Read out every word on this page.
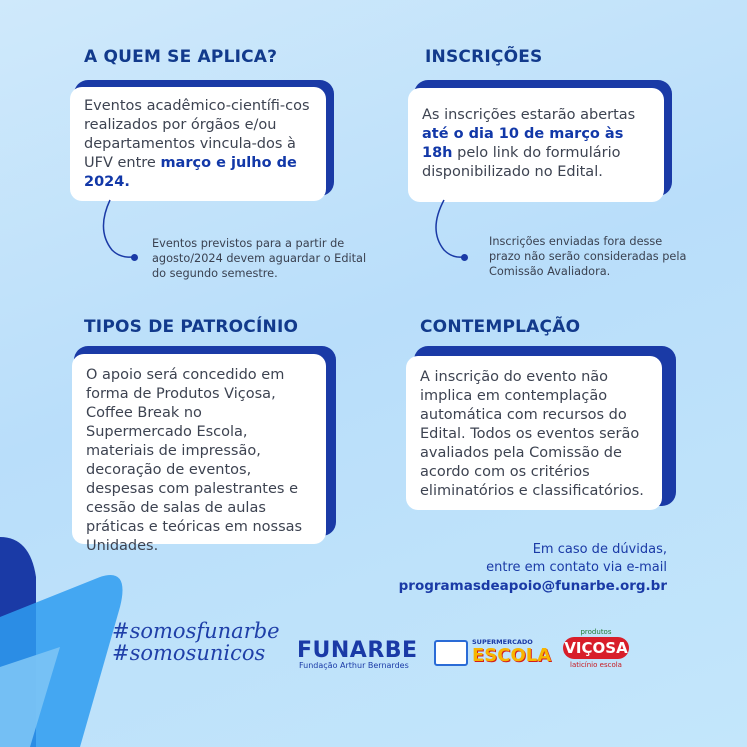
A QUEM SE APLICA?
Eventos acadêmico-científi-cos realizados por órgãos e/ou departamentos vincula-dos à UFV entre março e julho de 2024.
Eventos previstos para a partir de agosto/2024 devem aguardar o Edital do segundo semestre.
INSCRIÇÕES
As inscrições estarão abertas até o dia 10 de março às 18h pelo link do formulário disponibilizado no Edital.
Inscrições enviadas fora desse prazo não serão consideradas pela Comissão Avaliadora.
TIPOS DE PATROCÍNIO
O apoio será concedido em forma de Produtos Viçosa, Coffee Break no Supermercado Escola, materiais de impressão, decoração de eventos, despesas com palestrantes e cessão de salas de aulas práticas e teóricas em nossas Unidades.
CONTEMPLAÇÃO
A inscrição do evento não implica em contemplação automática com recursos do Edital. Todos os eventos serão avaliados pela Comissão de acordo com os critérios eliminatórios e classificatórios.
Em caso de dúvidas,
entre em contato via e-mail
programasdeapoio@funarbe.org.br
#somosfunarbe
#somosunicos	FUNARBE
Fundação Arthur Bernardes
SUPERMERCADO
ESCOLA
produtos
VIÇOSA
laticínio escola
